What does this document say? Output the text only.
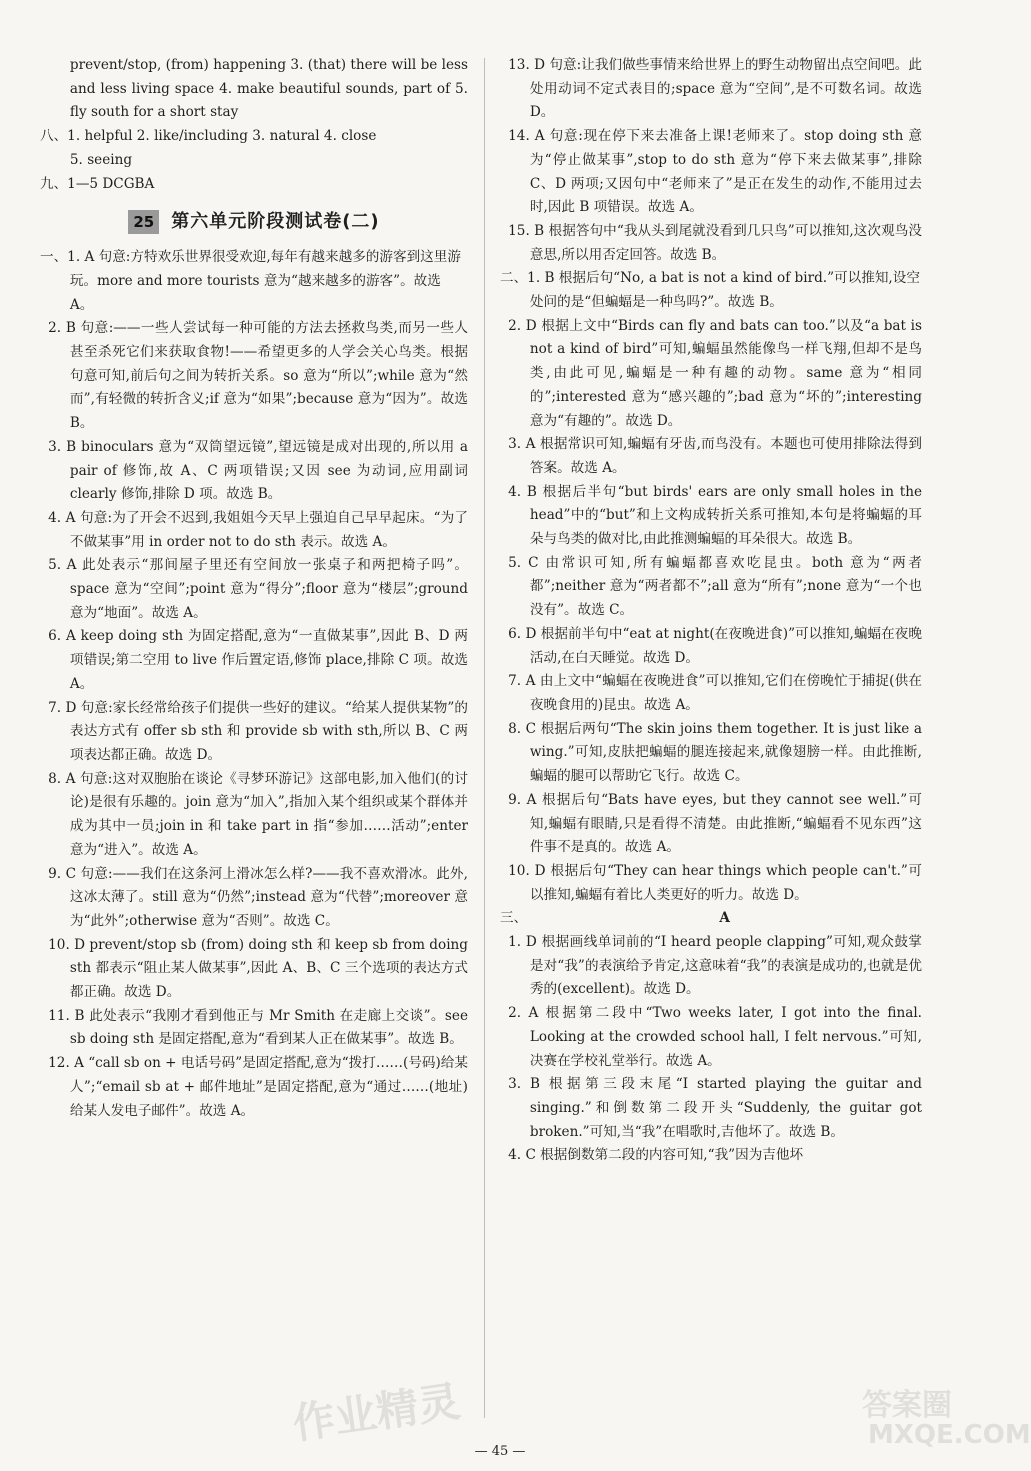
prevent/stop, (from) happening 3. (that) there will be less and less living space 4. make beautiful sounds, part of 5. fly south for a short stay

八、1. helpful 2. like/including 3. natural 4. close

5. seeing

九、1—5 DCGBA

25 第六单元阶段测试卷(二)

一、1. A 句意:方特欢乐世界很受欢迎,每年有越来越多的游客到这里游玩。more and more tourists 意为“越来越多的游客”。故选 A。

2. B 句意:——一些人尝试每一种可能的方法去拯救鸟类,而另一些人甚至杀死它们来获取食物!——希望更多的人学会关心鸟类。根据句意可知,前后句之间为转折关系。so 意为“所以”;while 意为“然而”,有轻微的转折含义;if 意为“如果”;because 意为“因为”。故选 B。

3. B binoculars 意为“双筒望远镜”,望远镜是成对出现的,所以用 a pair of 修饰,故 A、C 两项错误;又因 see 为动词,应用副词 clearly 修饰,排除 D 项。故选 B。

4. A 句意:为了开会不迟到,我姐姐今天早上强迫自己早早起床。“为了不做某事”用 in order not to do sth 表示。故选 A。

5. A 此处表示“那间屋子里还有空间放一张桌子和两把椅子吗”。space 意为“空间”;point 意为“得分”;floor 意为“楼层”;ground 意为“地面”。故选 A。

6. A keep doing sth 为固定搭配,意为“一直做某事”,因此 B、D 两项错误;第二空用 to live 作后置定语,修饰 place,排除 C 项。故选 A。

7. D 句意:家长经常给孩子们提供一些好的建议。“给某人提供某物”的表达方式有 offer sb sth 和 provide sb with sth,所以 B、C 两项表达都正确。故选 D。

8. A 句意:这对双胞胎在谈论《寻梦环游记》这部电影,加入他们(的讨论)是很有乐趣的。join 意为“加入”,指加入某个组织或某个群体并成为其中一员;join in 和 take part in 指“参加……活动”;enter 意为“进入”。故选 A。

9. C 句意:——我们在这条河上滑冰怎么样?——我不喜欢滑冰。此外,这冰太薄了。still 意为“仍然”;instead 意为“代替”;moreover 意为“此外”;otherwise 意为“否则”。故选 C。

10. D prevent/stop sb (from) doing sth 和 keep sb from doing sth 都表示“阻止某人做某事”,因此 A、B、C 三个选项的表达方式都正确。故选 D。

11. B 此处表示“我刚才看到他正与 Mr Smith 在走廊上交谈”。see sb doing sth 是固定搭配,意为“看到某人正在做某事”。故选 B。

12. A “call sb on + 电话号码”是固定搭配,意为“拨打……(号码)给某人”;“email sb at + 邮件地址”是固定搭配,意为“通过……(地址)给某人发电子邮件”。故选 A。

13. D 句意:让我们做些事情来给世界上的野生动物留出点空间吧。此处用动词不定式表目的;space 意为“空间”,是不可数名词。故选 D。

14. A 句意:现在停下来去准备上课!老师来了。stop doing sth 意为“停止做某事”,stop to do sth 意为“停下来去做某事”,排除 C、D 两项;又因句中“老师来了”是正在发生的动作,不能用过去时,因此 B 项错误。故选 A。

15. B 根据答句中“我从头到尾就没看到几只鸟”可以推知,这次观鸟没意思,所以用否定回答。故选 B。

二、1. B 根据后句“No, a bat is not a kind of bird.”可以推知,设空处问的是“但蝙蝠是一种鸟吗?”。故选 B。

2. D 根据上文中“Birds can fly and bats can too.”以及“a bat is not a kind of bird”可知,蝙蝠虽然能像鸟一样飞翔,但却不是鸟类,由此可见,蝙蝠是一种有趣的动物。same 意为“相同的”;interested 意为“感兴趣的”;bad 意为“坏的”;interesting 意为“有趣的”。故选 D。

3. A 根据常识可知,蝙蝠有牙齿,而鸟没有。本题也可使用排除法得到答案。故选 A。

4. B 根据后半句“but birds' ears are only small holes in the head”中的“but”和上文构成转折关系可推知,本句是将蝙蝠的耳朵与鸟类的做对比,由此推测蝙蝠的耳朵很大。故选 B。

5. C 由常识可知,所有蝙蝠都喜欢吃昆虫。both 意为“两者都”;neither 意为“两者都不”;all 意为“所有”;none 意为“一个也没有”。故选 C。

6. D 根据前半句中“eat at night(在夜晚进食)”可以推知,蝙蝠在夜晚活动,在白天睡觉。故选 D。

7. A 由上文中“蝙蝠在夜晚进食”可以推知,它们在傍晚忙于捕捉(供在夜晚食用的)昆虫。故选 A。

8. C 根据后两句“The skin joins them together. It is just like a wing.”可知,皮肤把蝙蝠的腿连接起来,就像翅膀一样。由此推断,蝙蝠的腿可以帮助它飞行。故选 C。

9. A 根据后句“Bats have eyes, but they cannot see well.”可知,蝙蝠有眼睛,只是看得不清楚。由此推断,“蝙蝠看不见东西”这件事不是真的。故选 A。

10. D 根据后句“They can hear things which people can't.”可以推知,蝙蝠有着比人类更好的听力。故选 D。

三、	A

1. D 根据画线单词前的“I heard people clapping”可知,观众鼓掌是对“我”的表演给予肯定,这意味着“我”的表演是成功的,也就是优秀的(excellent)。故选 D。

2. A 根据第二段中“Two weeks later, I got into the final. Looking at the crowded school hall, I felt nervous.”可知,决赛在学校礼堂举行。故选 A。

3. B 根据第三段末尾“I started playing the guitar and singing.”和倒数第二段开头“Suddenly, the guitar got broken.”可知,当“我”在唱歌时,吉他坏了。故选 B。

4. C 根据倒数第二段的内容可知,“我”因为吉他坏

— 45 —
作业精灵	答案圈
MXQE.COM
